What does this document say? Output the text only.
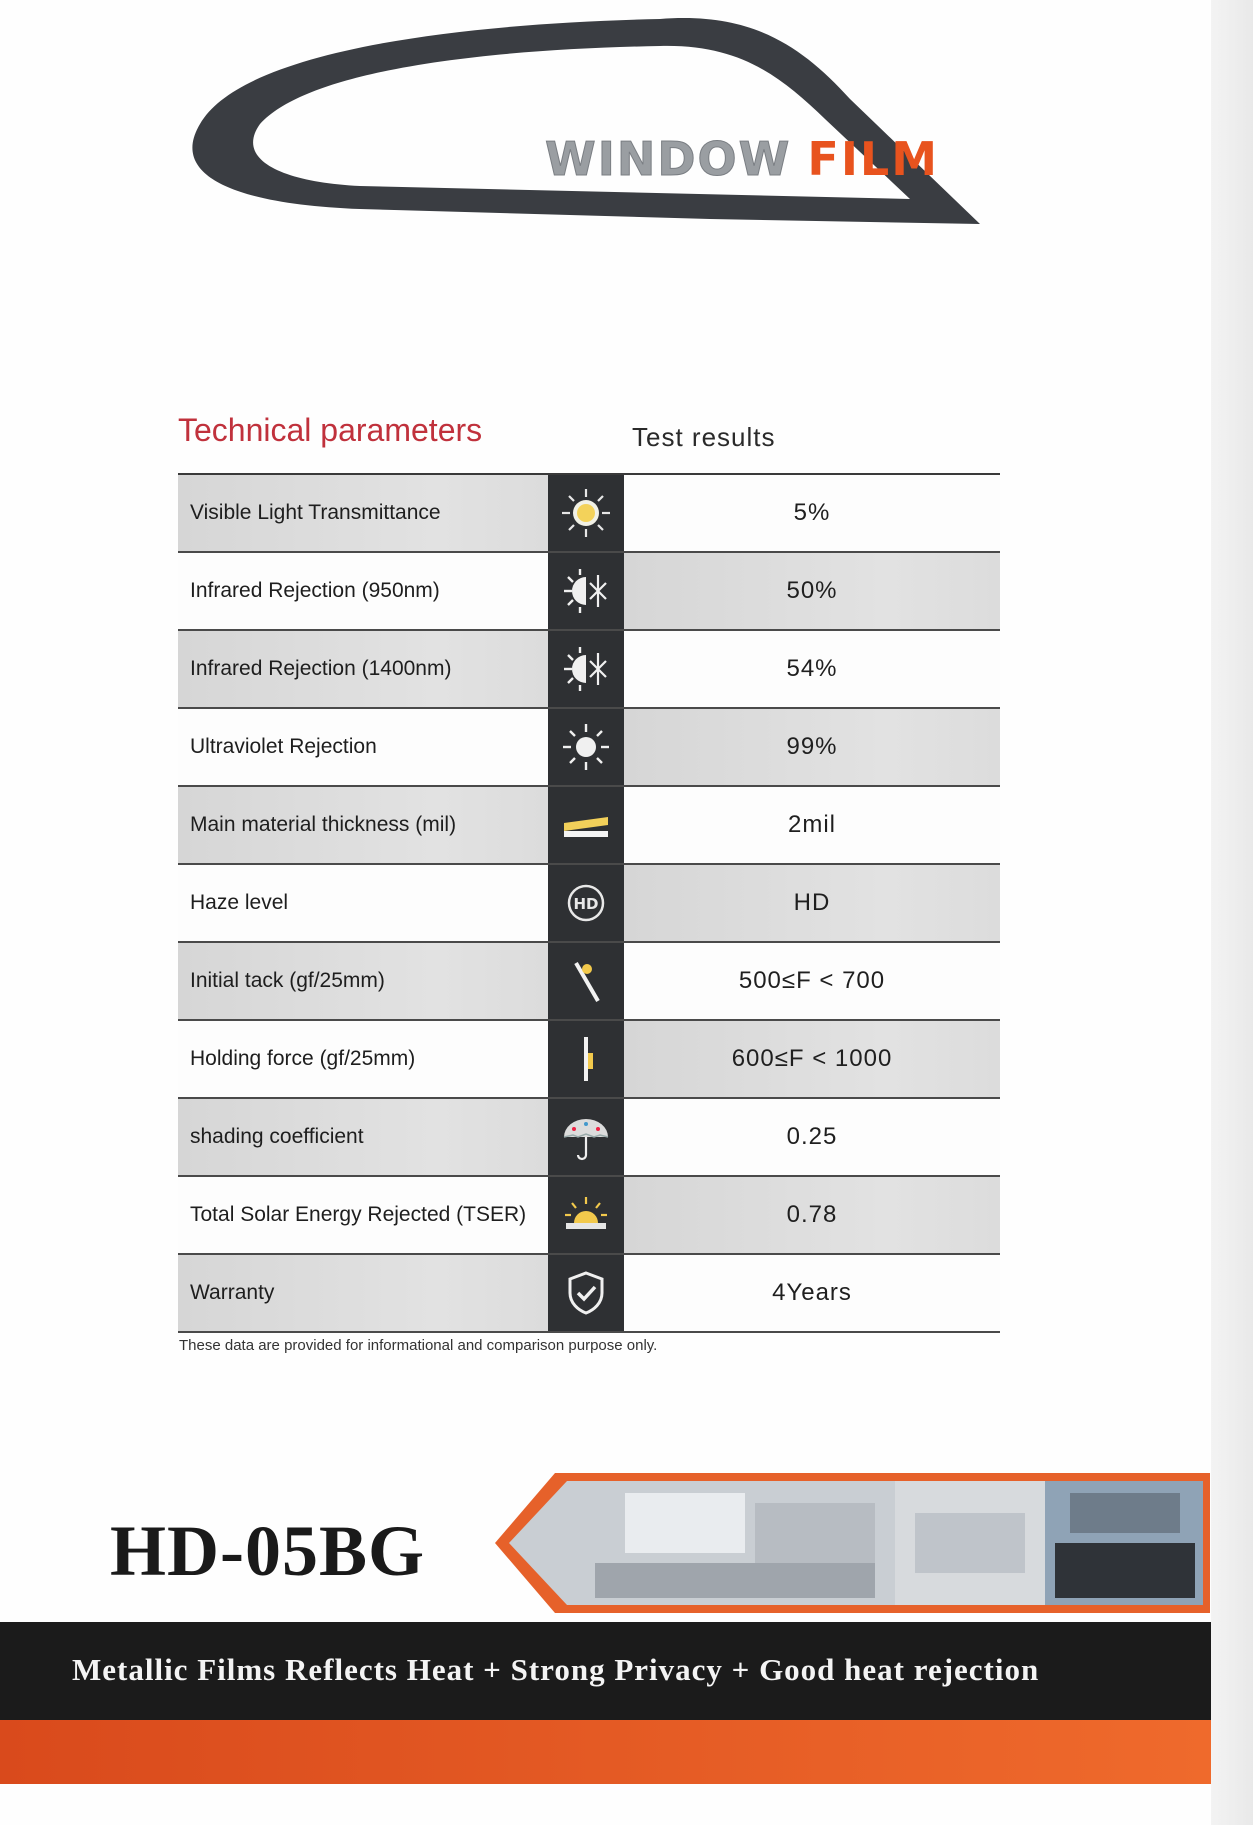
WINDOW FILM
Technical parameters	Test results
Visible Light Transmittance	5%
Infrared Rejection (950nm)	50%
Infrared Rejection (1400nm)	54%
Ultraviolet Rejection	99%
Main material thickness (mil)	2mil
Haze level	HD	HD
Initial tack (gf/25mm)	500≤F < 700
Holding force (gf/25mm)	600≤F < 1000
shading coefficient	0.25
Total Solar Energy Rejected (TSER)	0.78
Warranty	4Years
These data are provided for informational and comparison purpose only.
HD-05BG
Metallic Films Reflects Heat + Strong Privacy + Good heat rejection
